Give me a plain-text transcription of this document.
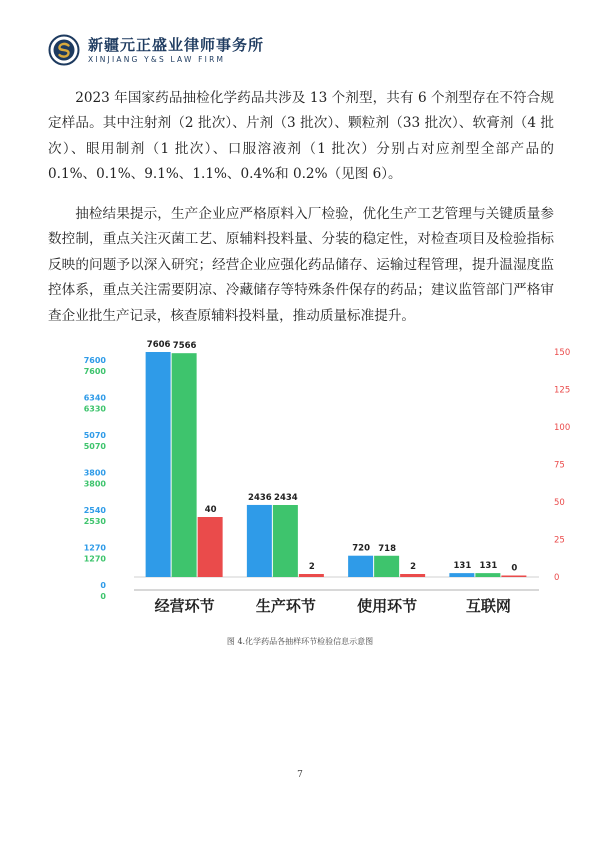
新疆元正盛业律师事务所
XINJIANG Y&S LAW FIRM

2023 年国家药品抽检化学药品共涉及 13 个剂型，共有 6 个剂型存在不符合规定样品。其中注射剂（2 批次）、片剂（3 批次）、颗粒剂（33 批次）、软膏剂（4 批次）、眼用制剂（1 批次）、口服溶液剂（1 批次）分别占对应剂型全部产品的 0.1%、0.1%、9.1%、1.1%、0.4%和 0.2%（见图 6）。

抽检结果提示，生产企业应严格原料入厂检验，优化生产工艺管理与关键质量参数控制，重点关注灭菌工艺、原辅料投料量、分装的稳定性，对检查项目及检验指标反映的问题予以深入研究；经营企业应强化药品储存、运输过程管理，提升温湿度监控体系，重点关注需要阴凉、冷藏储存等特殊条件保存的药品；建议监管部门严格审查企业批生产记录，核查原辅料投料量，推动质量标准提升。

7600
7600
6340
6330
5070
5070
3800
3800
2540
2530
1270
1270
0
0
0
25
50
75
100
125
150
7606 7566
40
经营环节
2436 2434
2
生产环节
720 718
2
使用环节
131 131 0
互联网
图 4.化学药品各抽样环节检验信息示意图
7
